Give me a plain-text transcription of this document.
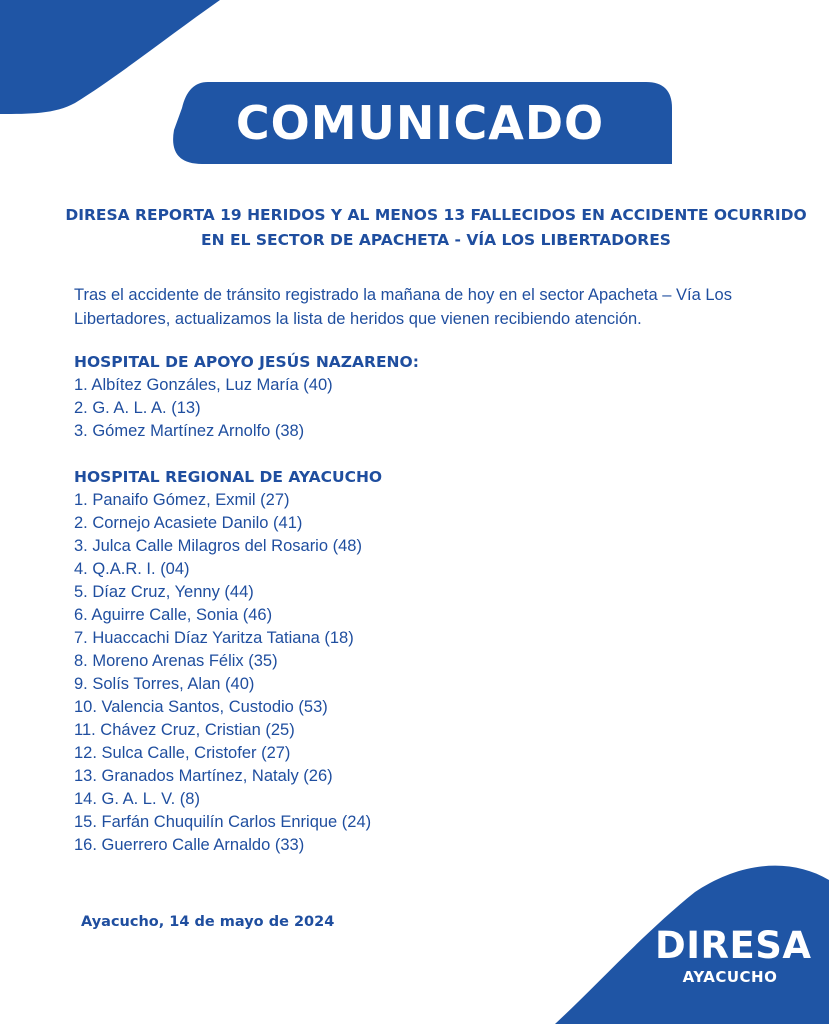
COMUNICADO
DIRESA REPORTA 19 HERIDOS Y AL MENOS 13 FALLECIDOS EN ACCIDENTE OCURRIDO
EN EL SECTOR DE APACHETA - VÍA LOS LIBERTADORES
Tras el accidente de tránsito registrado la mañana de hoy en el sector Apacheta – Vía Los
Libertadores, actualizamos la lista de heridos que vienen recibiendo atención.
HOSPITAL DE APOYO JESÚS NAZARENO:
1. Albítez Gonzáles, Luz María (40)
2. G. A. L. A. (13)
3. Gómez Martínez Arnolfo (38)
HOSPITAL REGIONAL DE AYACUCHO
1. Panaifo Gómez, Exmil (27)
2. Cornejo Acasiete Danilo (41)
3. Julca Calle Milagros del Rosario (48)
4. Q.A.R. I. (04)
5. Díaz Cruz, Yenny (44)
6. Aguirre Calle, Sonia (46)
7. Huaccachi Díaz Yaritza Tatiana (18)
8. Moreno Arenas Félix (35)
9. Solís Torres, Alan (40)
10. Valencia Santos, Custodio (53)
11. Chávez Cruz, Cristian (25)
12. Sulca Calle, Cristofer (27)
13. Granados Martínez, Nataly (26)
14. G. A. L. V. (8)
15. Farfán Chuquilín Carlos Enrique (24)
16. Guerrero Calle Arnaldo (33)
Ayacucho, 14 de mayo de 2024
DIRESA
AYACUCHO
